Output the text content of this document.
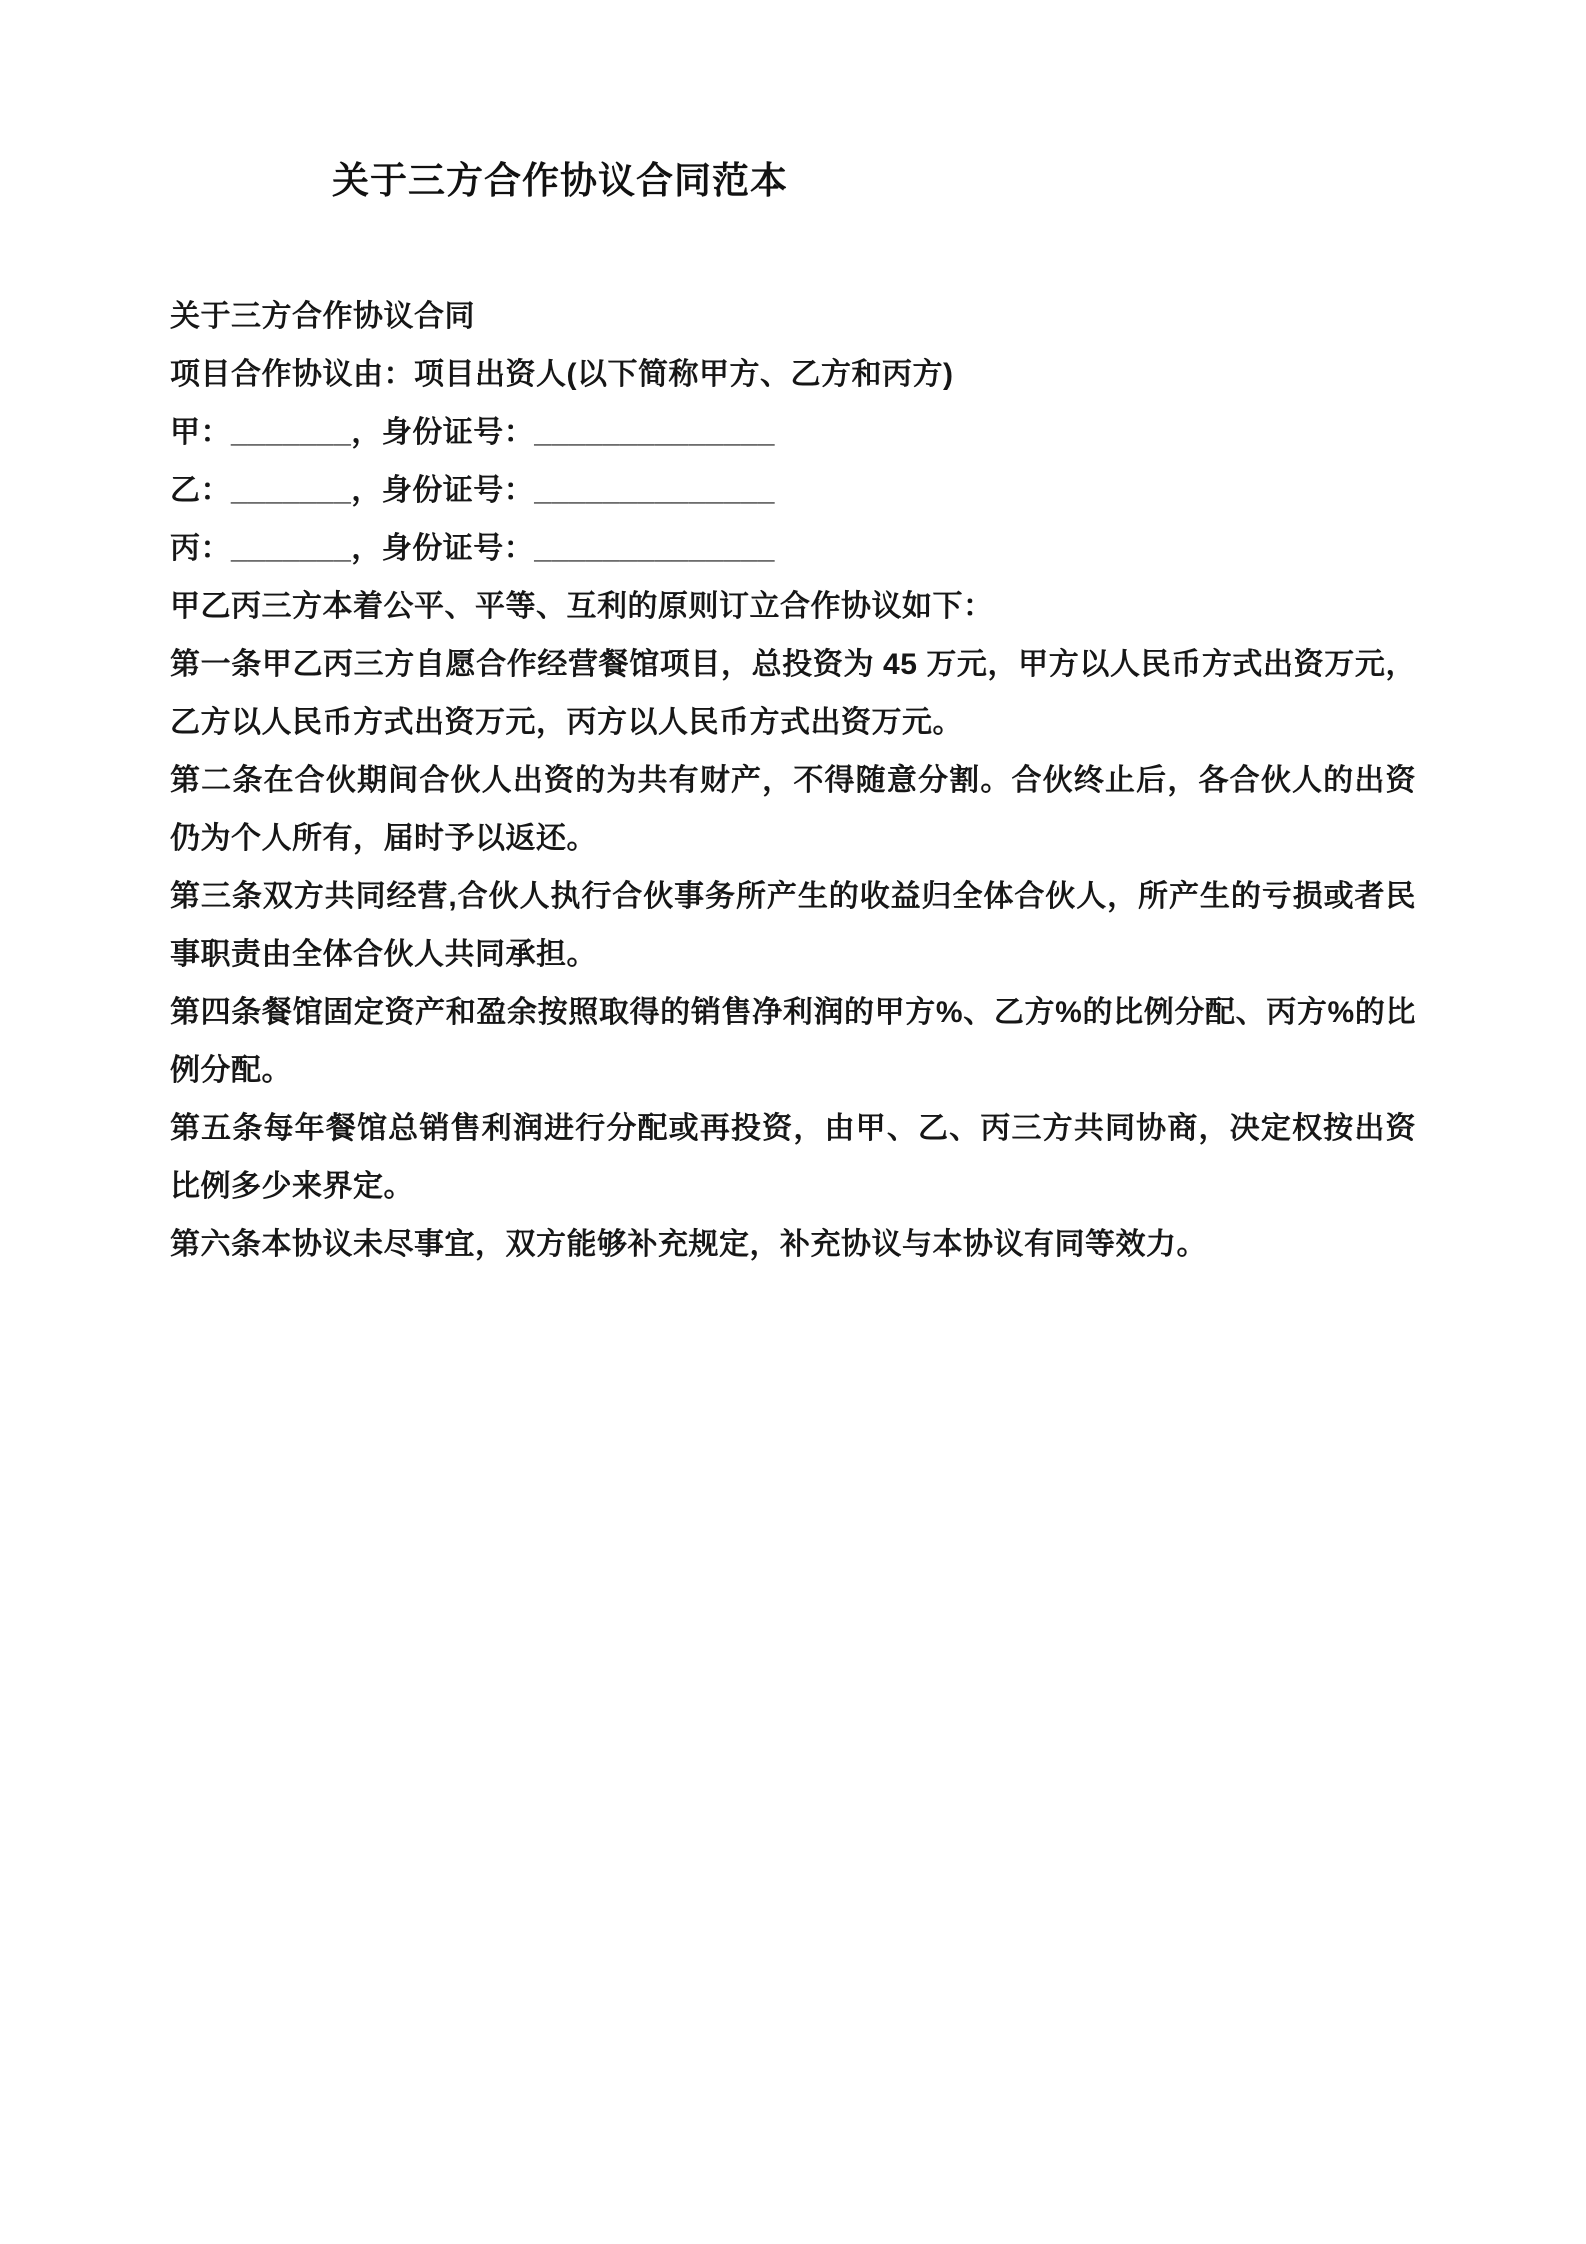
关于三方合作协议合同范本

关于三方合作协议合同

项目合作协议由：项目出资人(以下简称甲方、乙方和丙方)

甲：_______，身份证号：______________

乙：_______，身份证号：______________

丙：_______，身份证号：______________

甲乙丙三方本着公平、平等、互利的原则订立合作协议如下：

第一条甲乙丙三方自愿合作经营餐馆项目，总投资为 45 万元，甲方以人民币方式出资万元，乙方以人民币方式出资万元，丙方以人民币方式出资万元。

第二条在合伙期间合伙人出资的为共有财产，不得随意分割。合伙终止后，各合伙人的出资仍为个人所有，届时予以返还。

第三条双方共同经营,合伙人执行合伙事务所产生的收益归全体合伙人，所产生的亏损或者民事职责由全体合伙人共同承担。

第四条餐馆固定资产和盈余按照取得的销售净利润的甲方%、乙方%的比例分配、丙方%的比例分配。

第五条每年餐馆总销售利润进行分配或再投资，由甲、乙、丙三方共同协商，决定权按出资比例多少来界定。

第六条本协议未尽事宜，双方能够补充规定，补充协议与本协议有同等效力。
